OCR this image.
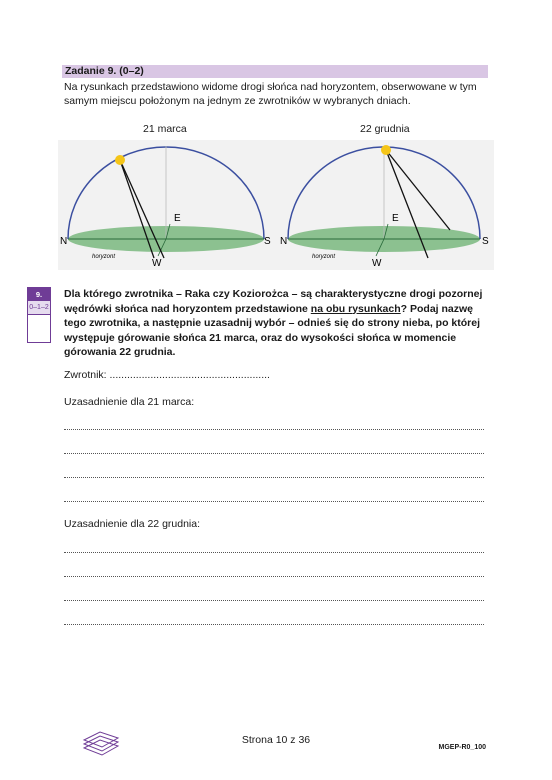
Zadanie 9. (0–2)
Na rysunkach przedstawiono widome drogi słońca nad horyzontem, obserwowane w tym samym miejscu położonym na jednym ze zwrotników w wybranych dniach.
21 marca
N	S
E
W
horyzont
22 grudnia
N	S
E
W
horyzont
9.
0–1–2
Dla którego zwrotnika – Raka czy Koziorożca – są charakterystyczne drogi pozornej wędrówki słońca nad horyzontem przedstawione na obu rysunkach? Podaj nazwę tego zwrotnika, a następnie uzasadnij wybór – odnieś się do strony nieba, po której występuje górowanie słońca 21 marca, oraz do wysokości słońca w momencie górowania 22 grudnia.
Zwrotnik: .......................................................
Uzasadnienie dla 21 marca:
Uzasadnienie dla 22 grudnia:
Strona 10 z 36
MGEP-R0_100
